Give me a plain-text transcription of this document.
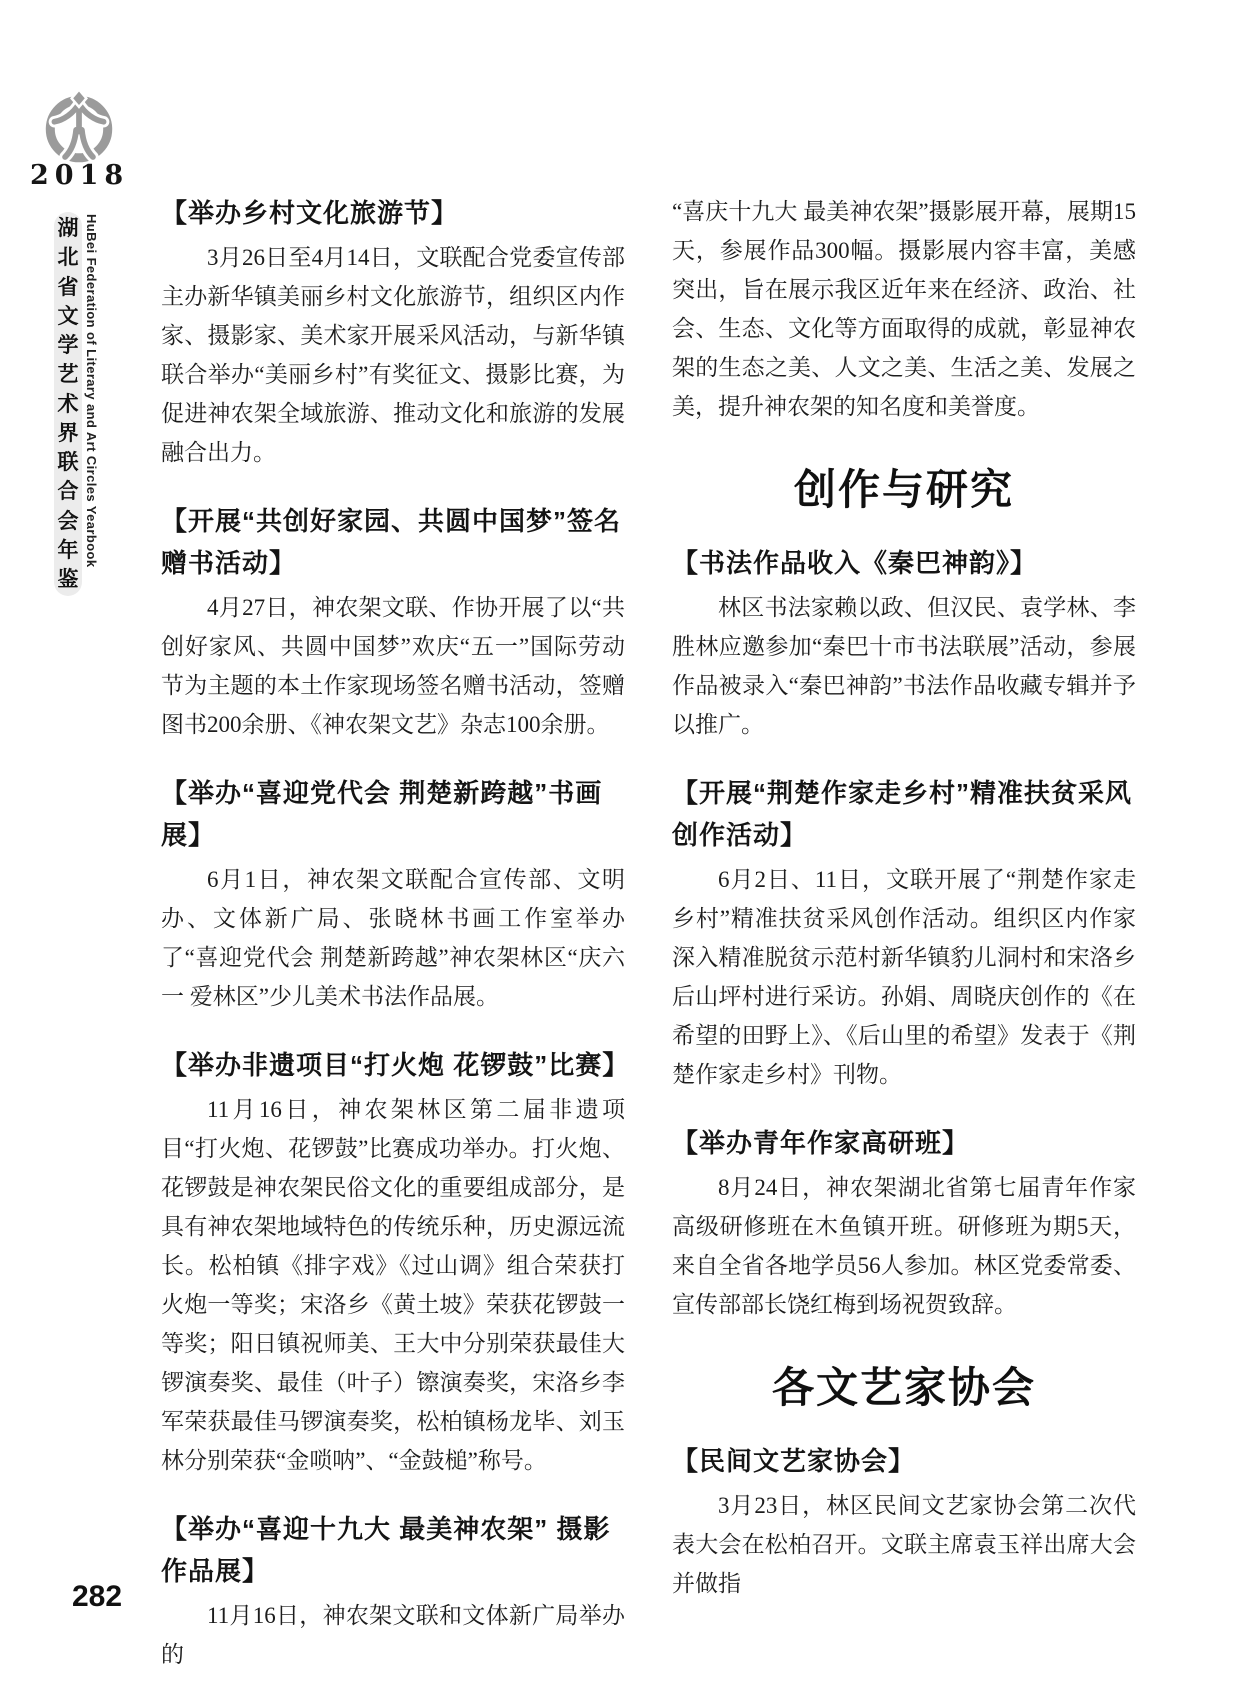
2018
湖
北
省
文
学
艺
术
界
联
合
会
年
鉴
HuBei Federation of Literary and Art Circles Yearbook
【举办乡村文化旅游节】
3月26日至4月14日，文联配合党委宣传部主办新华镇美丽乡村文化旅游节，组织区内作家、摄影家、美术家开展采风活动，与新华镇联合举办“美丽乡村”有奖征文、摄影比赛，为促进神农架全域旅游、推动文化和旅游的发展融合出力。
【开展“共创好家园、共圆中国梦”签名赠书活动】
4月27日，神农架文联、作协开展了以“共创好家风、共圆中国梦”欢庆“五一”国际劳动节为主题的本土作家现场签名赠书活动，签赠图书200余册、《神农架文艺》杂志100余册。
【举办“喜迎党代会 荆楚新跨越”书画展】
6月1日，神农架文联配合宣传部、文明办、文体新广局、张晓林书画工作室举办了“喜迎党代会 荆楚新跨越”神农架林区“庆六一 爱林区”少儿美术书法作品展。
【举办非遗项目“打火炮 花锣鼓”比赛】
11月16日，神农架林区第二届非遗项目“打火炮、花锣鼓”比赛成功举办。打火炮、花锣鼓是神农架民俗文化的重要组成部分，是具有神农架地域特色的传统乐种，历史源远流长。松柏镇《排字戏》《过山调》组合荣获打火炮一等奖；宋洛乡《黄土坡》荣获花锣鼓一等奖；阳日镇祝师美、王大中分别荣获最佳大锣演奏奖、最佳（叶子）镲演奏奖，宋洛乡李军荣获最佳马锣演奏奖，松柏镇杨龙毕、刘玉林分别荣获“金唢呐”、“金鼓槌”称号。
【举办“喜迎十九大 最美神农架” 摄影作品展】
11月16日，神农架文联和文体新广局举办的
“喜庆十九大 最美神农架”摄影展开幕，展期15天，参展作品300幅。摄影展内容丰富，美感突出，旨在展示我区近年来在经济、政治、社会、生态、文化等方面取得的成就，彰显神农架的生态之美、人文之美、生活之美、发展之美，提升神农架的知名度和美誉度。
创作与研究
【书法作品收入《秦巴神韵》】
林区书法家赖以政、但汉民、袁学林、李胜林应邀参加“秦巴十市书法联展”活动，参展作品被录入“秦巴神韵”书法作品收藏专辑并予以推广。
【开展“荆楚作家走乡村”精准扶贫采风创作活动】
6月2日、11日，文联开展了“荆楚作家走乡村”精准扶贫采风创作活动。组织区内作家深入精准脱贫示范村新华镇豹儿洞村和宋洛乡后山坪村进行采访。孙娟、周晓庆创作的《在希望的田野上》、《后山里的希望》发表于《荆楚作家走乡村》刊物。
【举办青年作家高研班】
8月24日，神农架湖北省第七届青年作家高级研修班在木鱼镇开班。研修班为期5天，来自全省各地学员56人参加。林区党委常委、宣传部部长饶红梅到场祝贺致辞。
各文艺家协会
【民间文艺家协会】
3月23日，林区民间文艺家协会第二次代表大会在松柏召开。文联主席袁玉祥出席大会并做指
282
